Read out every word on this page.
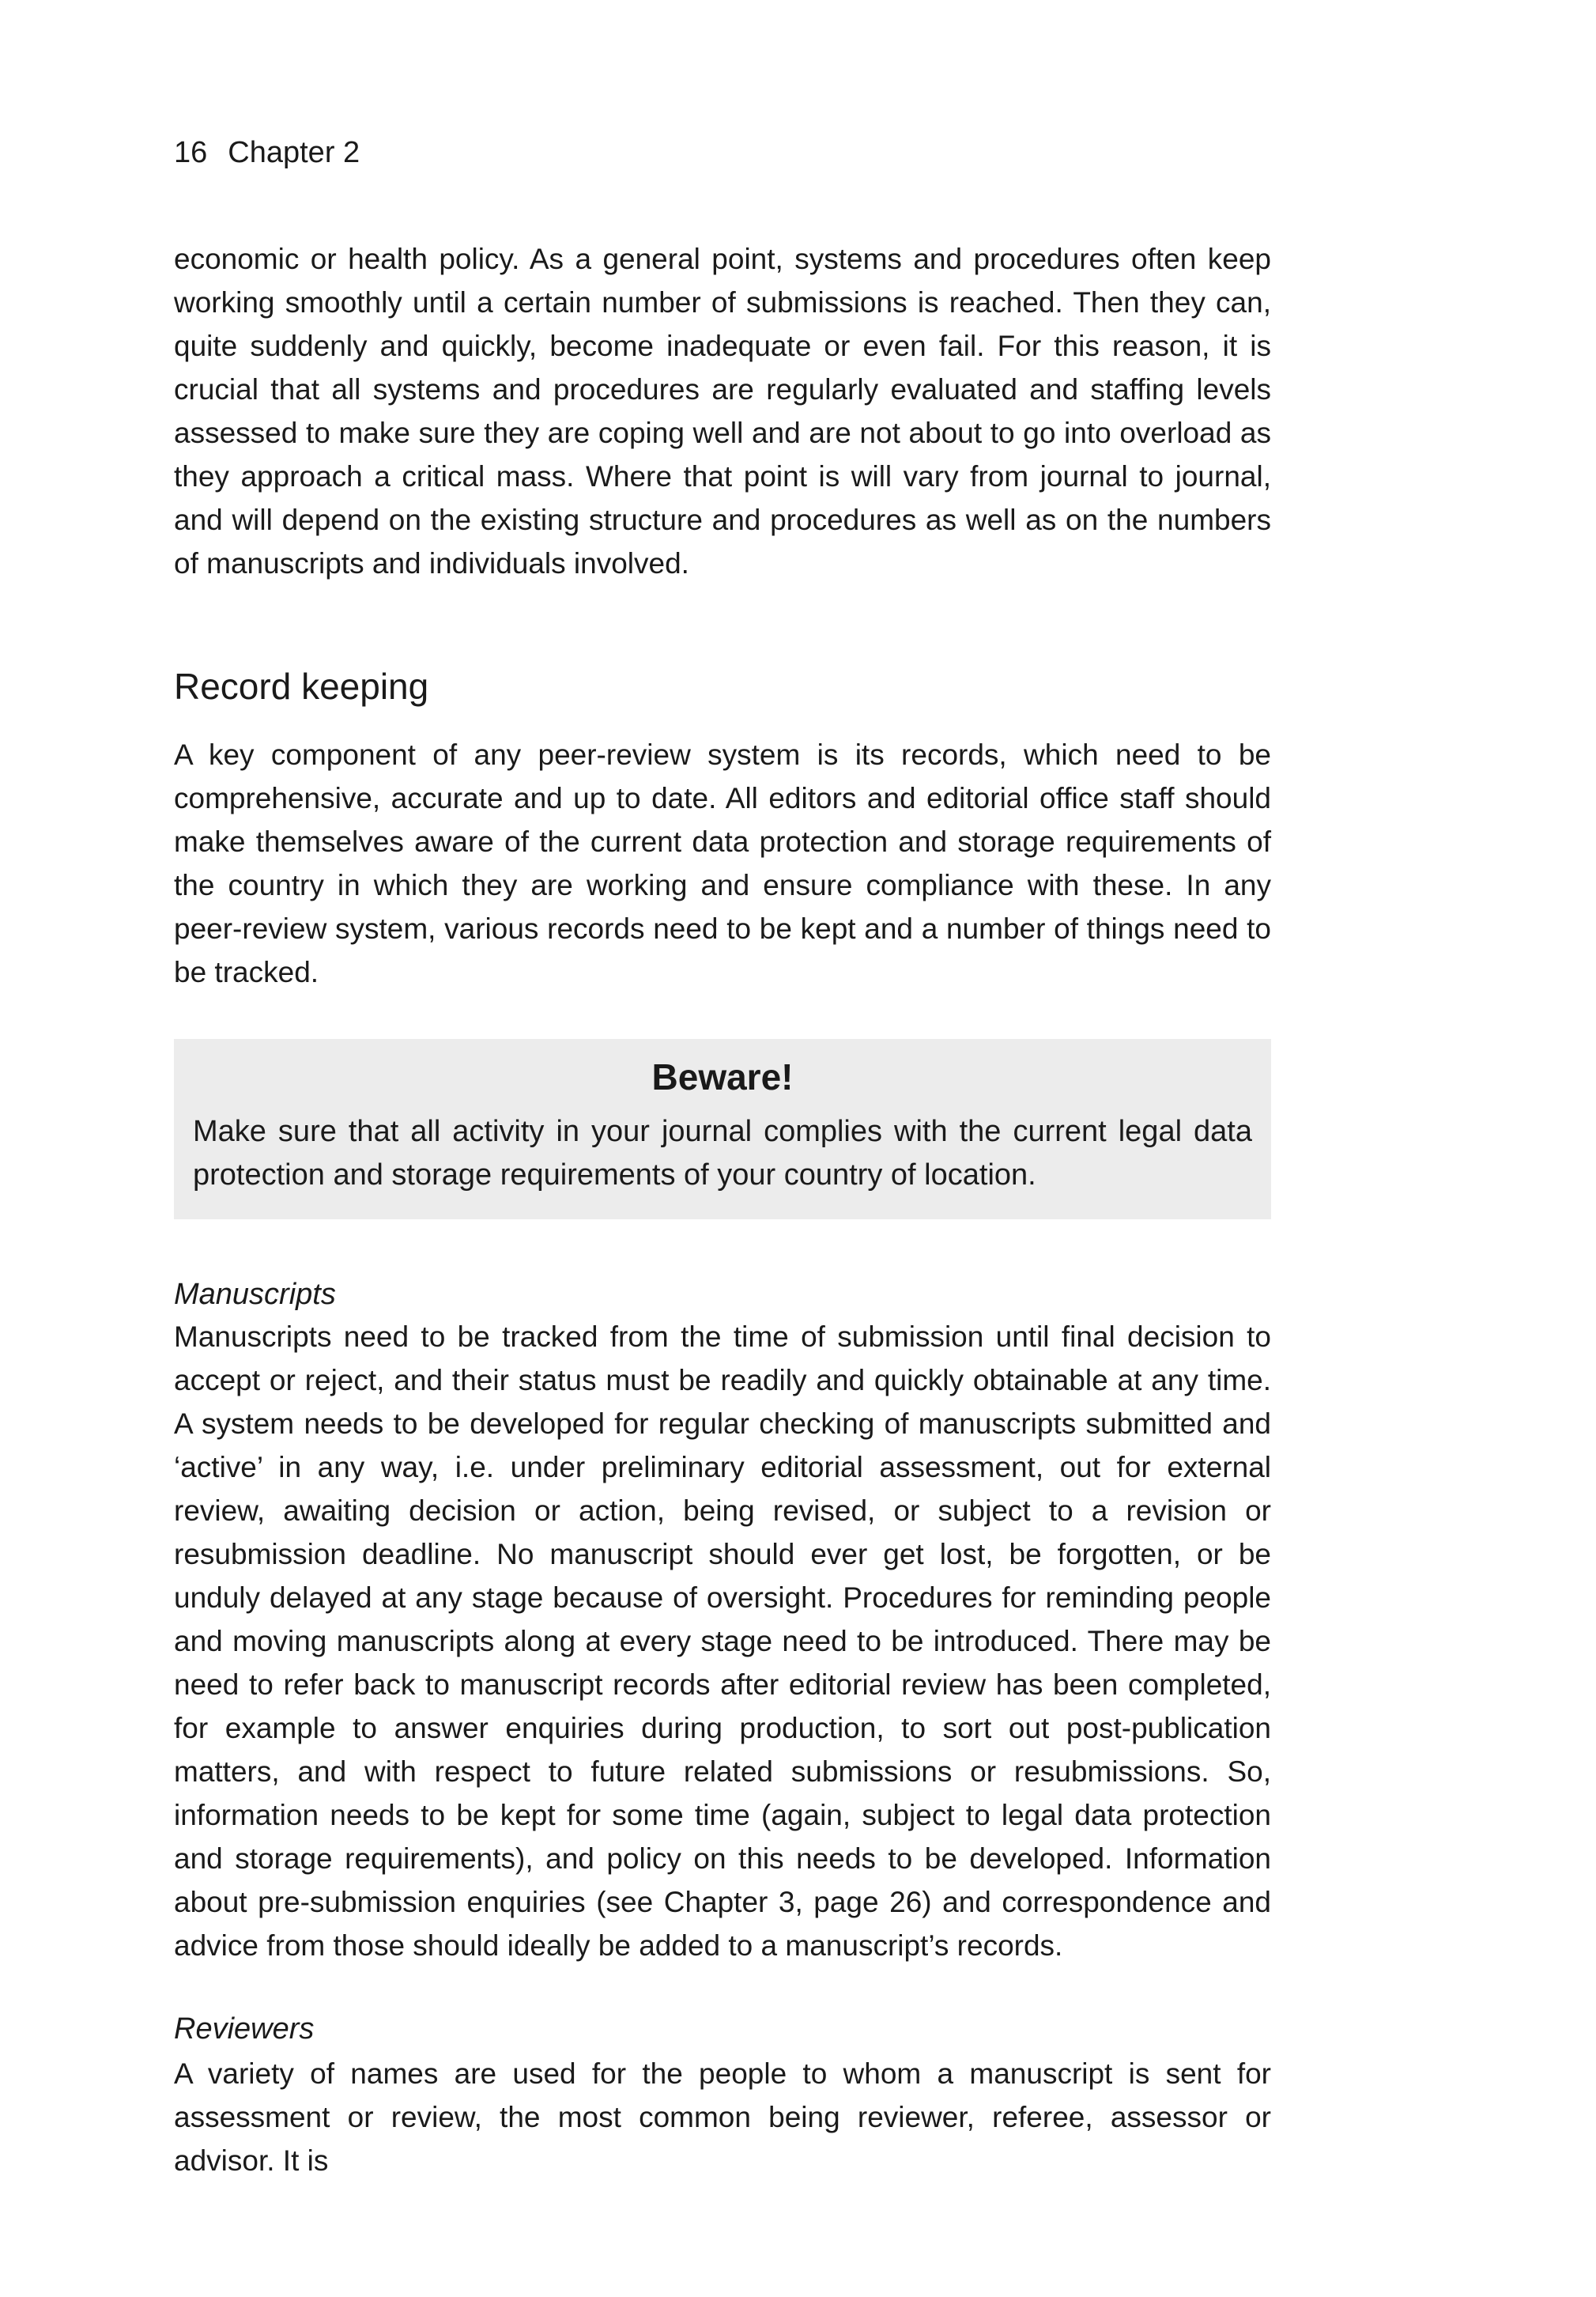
16 Chapter 2

economic or health policy. As a general point, systems and procedures often keep working smoothly until a certain number of submissions is reached. Then they can, quite suddenly and quickly, become inadequate or even fail. For this reason, it is crucial that all systems and procedures are regularly evaluated and staffing levels assessed to make sure they are coping well and are not about to go into overload as they approach a critical mass. Where that point is will vary from journal to journal, and will depend on the existing structure and procedures as well as on the numbers of manuscripts and individuals involved.

Record keeping

A key component of any peer-review system is its records, which need to be comprehensive, accurate and up to date. All editors and editorial office staff should make themselves aware of the current data protection and storage requirements of the country in which they are working and ensure compliance with these. In any peer-review system, various records need to be kept and a number of things need to be tracked.

Beware!

Make sure that all activity in your journal complies with the current legal data protection and storage requirements of your country of location.

Manuscripts

Manuscripts need to be tracked from the time of submission until final decision to accept or reject, and their status must be readily and quickly obtainable at any time. A system needs to be developed for regular checking of manuscripts submitted and ‘active’ in any way, i.e. under preliminary editorial assessment, out for external review, awaiting decision or action, being revised, or subject to a revision or resubmission deadline. No manuscript should ever get lost, be forgotten, or be unduly delayed at any stage because of oversight. Procedures for reminding people and moving manuscripts along at every stage need to be introduced. There may be need to refer back to manuscript records after editorial review has been completed, for example to answer enquiries during production, to sort out post-publication matters, and with respect to future related submissions or resubmissions. So, information needs to be kept for some time (again, subject to legal data protection and storage requirements), and policy on this needs to be developed. Information about pre-submission enquiries (see Chapter 3, page 26) and correspondence and advice from those should ideally be added to a manuscript’s records.

Reviewers

A variety of names are used for the people to whom a manuscript is sent for assessment or review, the most common being reviewer, referee, assessor or advisor. It is
